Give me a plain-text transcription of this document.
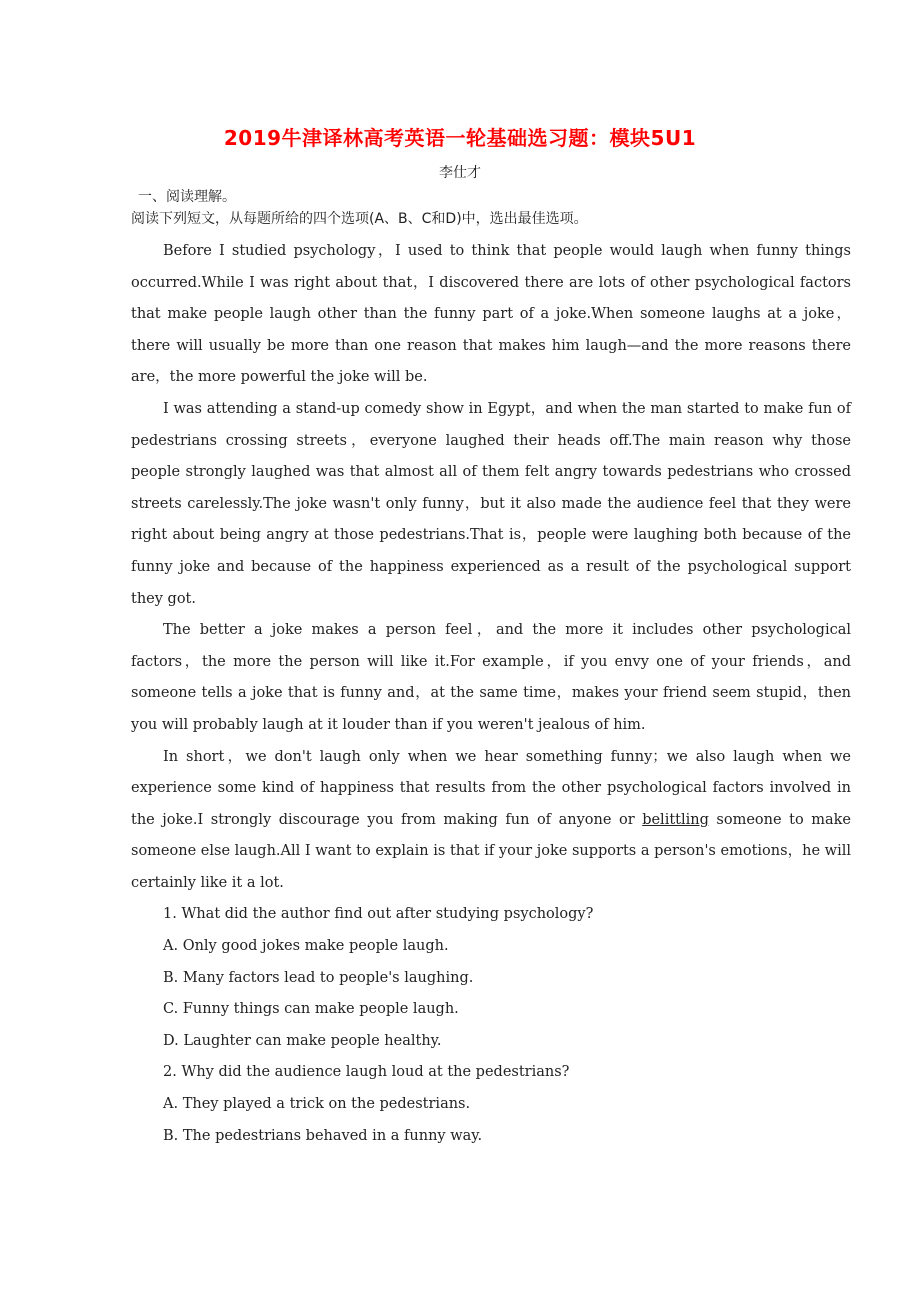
2019牛津译林高考英语一轮基础选习题：模块5U1
李仕才
一、阅读理解。
阅读下列短文，从每题所给的四个选项(A、B、C和D)中，选出最佳选项。

Before I studied psychology，I used to think that people would laugh when funny things occurred.While I was right about that，I discovered there are lots of other psychological factors that make people laugh other than the funny part of a joke.When someone laughs at a joke，there will usually be more than one reason that makes him laugh—and the more reasons there are，the more powerful the joke will be.

I was attending a stand-up comedy show in Egypt，and when the man started to make fun of pedestrians crossing streets，everyone laughed their heads off.The main reason why those people strongly laughed was that almost all of them felt angry towards pedestrians who crossed streets carelessly.The joke wasn't only funny，but it also made the audience feel that they were right about being angry at those pedestrians.That is，people were laughing both because of the funny joke and because of the happiness experienced as a result of the psychological support they got.

The better a joke makes a person feel，and the more it includes other psychological factors，the more the person will like it.For example，if you envy one of your friends，and someone tells a joke that is funny and，at the same time，makes your friend seem stupid，then you will probably laugh at it louder than if you weren't jealous of him.

In short，we don't laugh only when we hear something funny；we also laugh when we experience some kind of happiness that results from the other psychological factors involved in the joke.I strongly discourage you from making fun of anyone or belittling someone to make someone else laugh.All I want to explain is that if your joke supports a person's emotions，he will certainly like it a lot.

1. What did the author find out after studying psychology?

A. Only good jokes make people laugh.

B. Many factors lead to people's laughing.

C. Funny things can make people laugh.

D. Laughter can make people healthy.

2. Why did the audience laugh loud at the pedestrians?

A. They played a trick on the pedestrians.

B. The pedestrians behaved in a funny way.
